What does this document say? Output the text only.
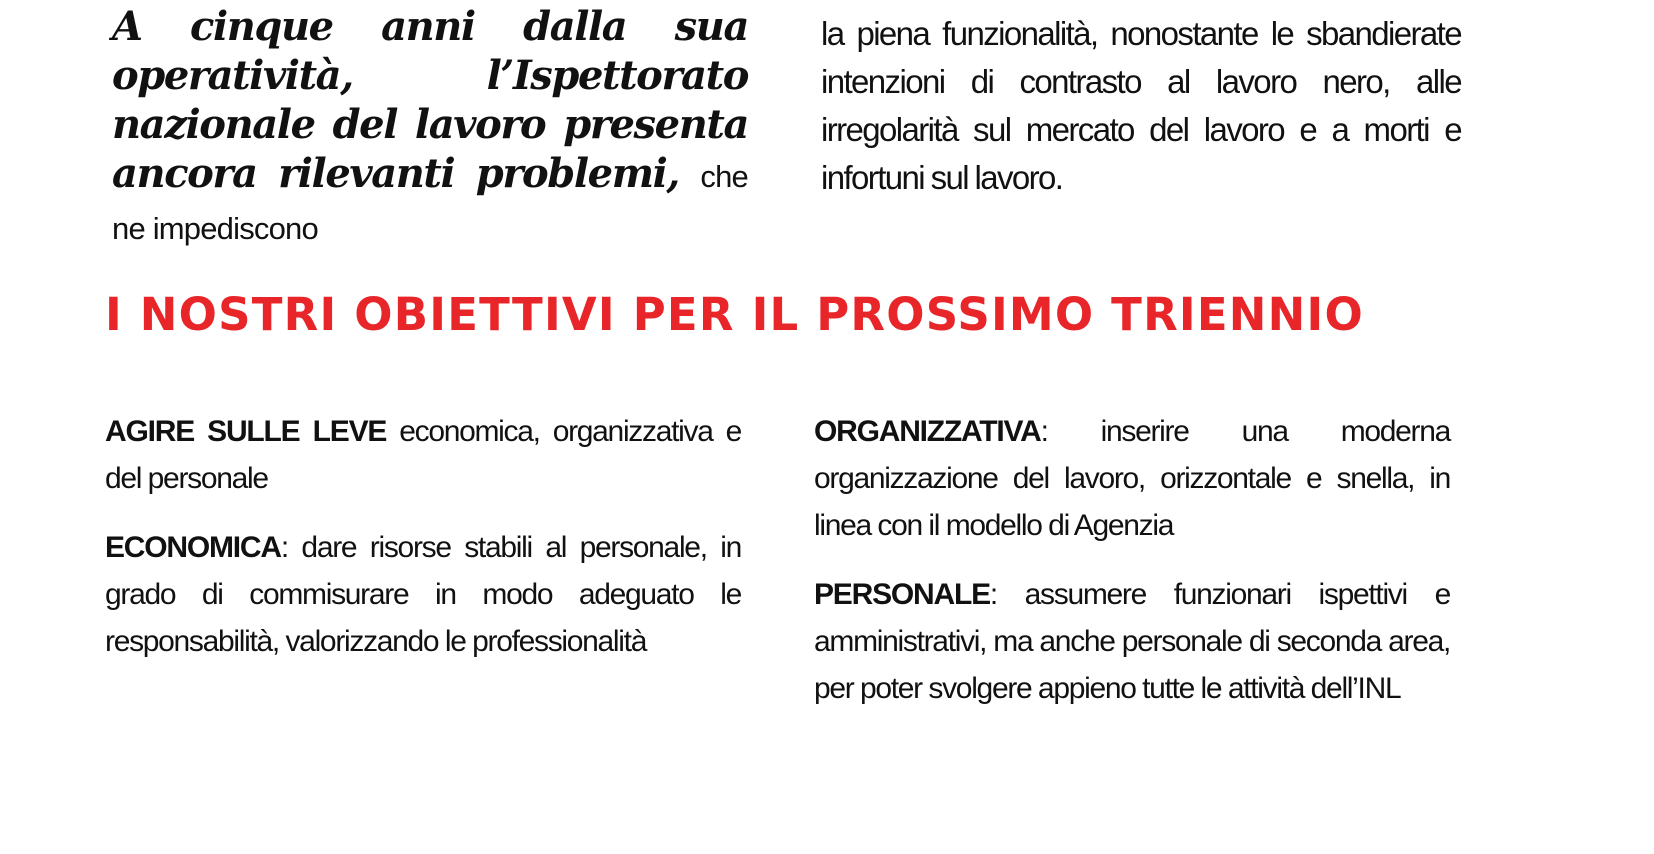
A cinque anni dalla sua operatività, l’Ispettorato nazionale del lavoro presenta ancora rilevanti problemi, che ne impediscono

la piena funzionalità, nonostante le sbandierate intenzioni di contrasto al lavoro nero, alle irregolarità sul mercato del lavoro e a morti e infortuni sul lavoro.

I NOSTRI OBIETTIVI PER IL PROSSIMO TRIENNIO

AGIRE SULLE LEVE economica, organizzativa e del personale

ECONOMICA: dare risorse stabili al personale, in grado di commisurare in modo adeguato le responsabilità, valorizzando le professionalità

ORGANIZZATIVA: inserire una moderna organizzazione del lavoro, orizzontale e snella, in linea con il modello di Agenzia

PERSONALE: assumere funzionari ispettivi e amministrativi, ma anche personale di seconda area, per poter svolgere appieno tutte le attività dell’INL
